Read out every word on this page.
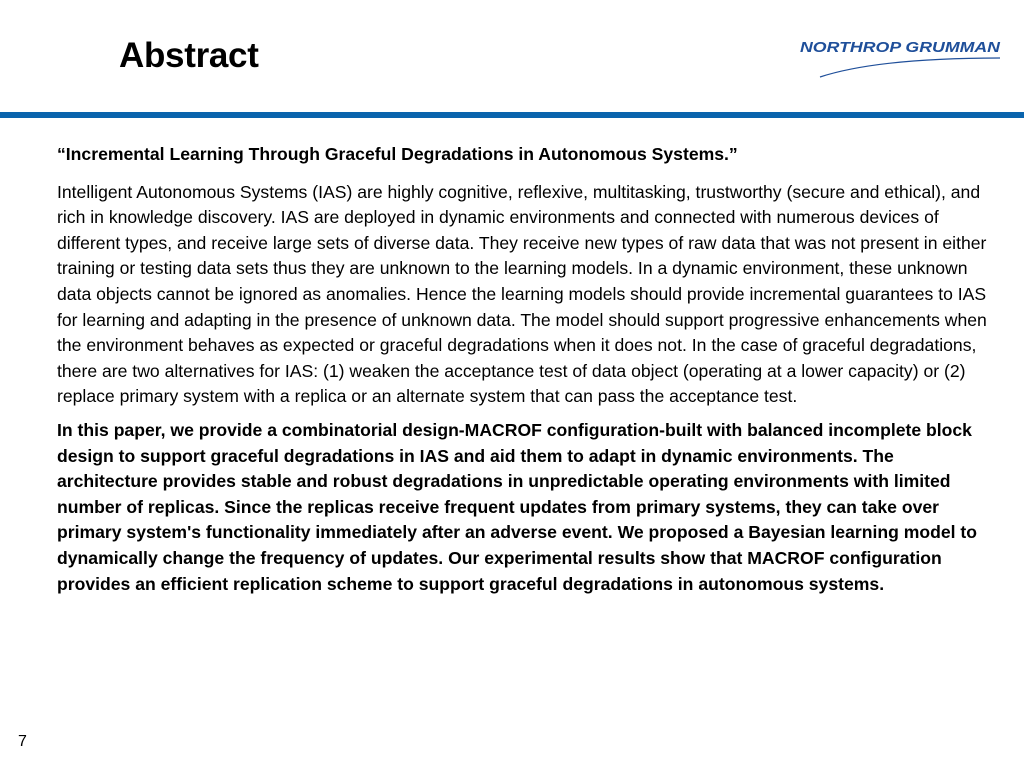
Abstract	NORTHROP GRUMMAN

“Incremental Learning Through Graceful Degradations in Autonomous Systems.”

Intelligent Autonomous Systems (IAS) are highly cognitive, reflexive, multitasking, trustworthy (secure and ethical), and rich in knowledge discovery. IAS are deployed in dynamic environments and connected with numerous devices of different types, and receive large sets of diverse data. They receive new types of raw data that was not present in either training or testing data sets thus they are unknown to the learning models. In a dynamic environment, these unknown data objects cannot be ignored as anomalies. Hence the learning models should provide incremental guarantees to IAS for learning and adapting in the presence of unknown data. The model should support progressive enhancements when the environment behaves as expected or graceful degradations when it does not. In the case of graceful degradations, there are two alternatives for IAS: (1) weaken the acceptance test of data object (operating at a lower capacity) or (2) replace primary system with a replica or an alternate system that can pass the acceptance test.

In this paper, we provide a combinatorial design-MACROF configuration-built with balanced incomplete block design to support graceful degradations in IAS and aid them to adapt in dynamic environments. The architecture provides stable and robust degradations in unpredictable operating environments with limited number of replicas. Since the replicas receive frequent updates from primary systems, they can take over primary system's functionality immediately after an adverse event. We proposed a Bayesian learning model to dynamically change the frequency of updates. Our experimental results show that MACROF configuration provides an efficient replication scheme to support graceful degradations in autonomous systems.

7
